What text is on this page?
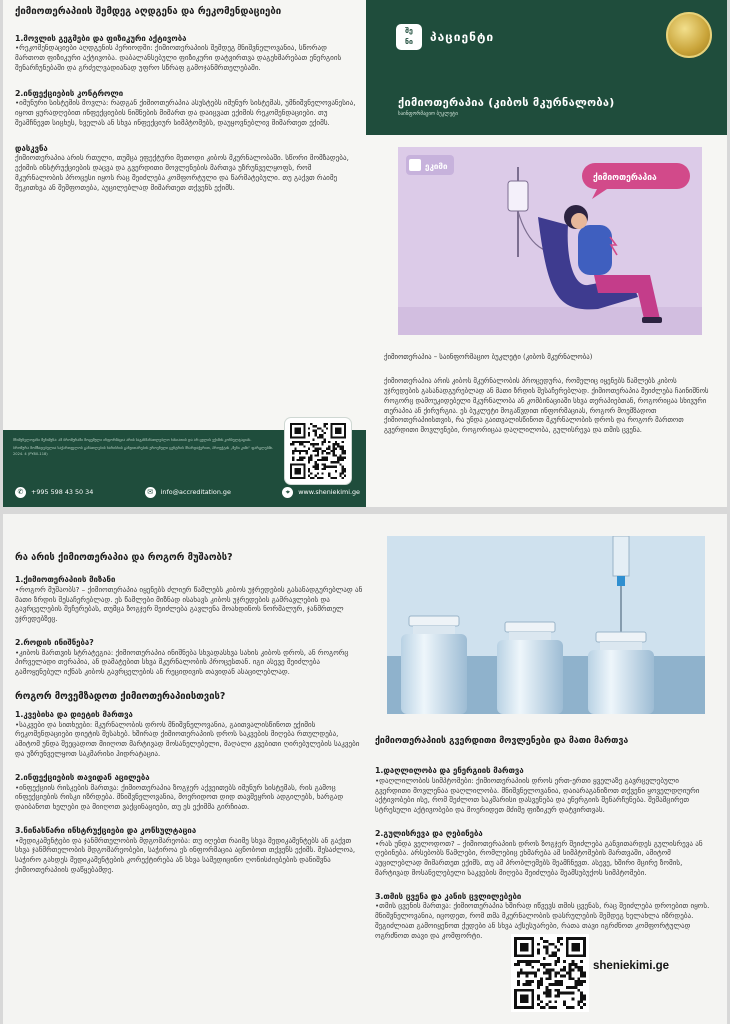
ქიმიოთერაპიის შემდეგ აღდგენა და რეკომენდაციები
1.მოვლის გეგმები და ფიზიკური აქტივობა
•რეკომენდაციები აღდგენის პერიოდში: ქიმიოთერაპიის შემდეგ მნიშვნელოვანია, სწორად მართოთ ფიზიკური აქტივობა. დაბალანსებული ფიზიკური დატვირთვა დაგეხმარებათ ენერგიის შენარჩუნებაში და გრძელვადიანად უფრო სწრაფ გამოჯანმრთელებაში.
2.ინფექციების კონტროლი
•იმუნური სისტემის მოვლა: რადგან ქიმიოთერაპია ასუსტებს იმუნურ სისტემას, უმნიშვნელოვანესია, იყოთ ყურადღებით ინფექციების ნიშნების მიმართ და დაიცვათ ექიმის რეკომენდაციები. თუ შეამჩნევთ სიცხეს, ხველას ან სხვა ინფექციურ სიმპტომებს, დაუყოვნებლივ მიმართეთ ექიმს.
დასკვნა
ქიმიოთერაპია არის რთული, თუმცა ეფექტური მეთოდი კიბოს მკურნალობაში. სწორი მომზადება, ექიმის ინსტრუქციების დაცვა და გვერდითი მოვლენების მართვა უზრუნველყოფს, რომ მკურნალობის პროცესი იყოს რაც შეიძლება კომფორტული და წარმატებული. თუ გაქვთ რაიმე შეკითხვა ან შეშფოთება, აუცილებლად მიმართეთ თქვენს ექიმს.

მნიშვნელოვანი შენიშვნა: ამ ბროშურაში მოცემული ინფორმაცია არის საგანმანათლებლო ხასიათის და არ ცვლის ექიმის კონსულტაციას.

ბროშურა მომზადებულია საქართველოს განათლების ხარისხის განვითარების ეროვნული ცენტრის მხარდაჭერით, პროექტის „შენი კიმი“ ფარგლებში. 2024. 4 (PY80-118)

✆	+995 598 43 50 34	✉	info@accreditation.ge	⌖	www.sheniekimi.ge
შე
ნი	პაციენტი
ქიმიოთერაპია (კიბოს მკურნალობა)
საინფორმაციო ბუკლეტი
ეკიმი
ქიმიოთერაპია
ქიმიოთერაპია – საინფორმაციო ბუკლეტი (კიბოს მკურნალობა)
ქიმიოთერაპია არის კიბოს მკურნალობის პროცედურა, რომელიც იყენებს წამლებს კიბოს უჯრედების გასანადგურებლად ან მათი ზრდის შესაჩერებლად. ქიმიოთერაპია შეიძლება ჩაინიშნოს როგორც დამოუკიდებელი მკურნალობა ან კომბინაციაში სხვა თერაპიებთან, როგორიცაა სხივური თერაპია ან ქირურგია. ეს ბუკლეტი მოგაწვდით ინფორმაციას, როგორ მოემზადოთ ქიმიოთერაპიისთვის, რა უნდა გაითვალისწინოთ მკურნალობის დროს და როგორ მართოთ გვერდითი მოვლენები, როგორიცაა დაღლილობა, გულისრევა და თმის ცვენა.
რა არის ქიმიოთერაპია და როგორ მუშაობს?
1.ქიმიოთერაპიის მიზანი
•როგორ მუშაობს? – ქიმიოთერაპია იყენებს ძლიერ წამლებს კიბოს უჯრედების გასანადგურებლად ან მათი ზრდის შესაჩერებლად. ეს წამლები მიზნად ისახავს კიბოს უჯრედების გამრავლების და გავრცელების შეჩერებას, თუმცა ზოგჯერ შეიძლება გავლენა მოახდინოს ნორმალურ, ჯანმრთელ უჯრედებზეც.
2.როდის ინიშნება?
•კიბოს მართვის სტრატეგია: ქიმიოთერაპია ინიშნება სხვადასხვა სახის კიბოს დროს, ან როგორც პირველადი თერაპია, ან დამატებით სხვა მკურნალობის პროცესთან. იგი ასევე შეიძლება გამოყენებულ იქნას კიბოს გავრცელების ან რეციდივის თავიდან ასაცილებლად.
როგორ მოვემზადოთ ქიმიოთერაპიისთვის?
1.კვებისა და დიეტის მართვა
•საკვები და სითხეები: მკურნალობის დროს მნიშვნელოვანია, გაითვალისწინოთ ექიმის რეკომენდაციები დიეტის შესახებ. ხშირად ქიმიოთერაპიის დროს საკვების მიღება რთულდება, ამიტომ უნდა შეეცადოთ მიიღოთ მარტივად მოსანელებელი, მაღალი კვებითი ღირებულების საკვები და უზრუნველყოთ საკმარისი ჰიდრატაცია.
2.ინფექციების თავიდან აცილება
•ინფექციის რისკების მართვა: ქიმიოთერაპია ზოგჯერ აქვეითებს იმუნურ სისტემას, რის გამოც ინფექციების რისკი იზრდება. მნიშვნელოვანია, მოერიდოთ დიდ თავშეყრის ადგილებს, ხარგად დაიბანოთ ხელები და მიიღოთ ვაქცინაციები, თუ ეს ექიმმა გირჩიათ.
3.ნინასწარი ინსტრუქციები და კონსულტაცია
•მედიკამენტები და ჯანმრთელობის მდგომარეობა: თუ იღებთ რაიმე სხვა მედიკამენტებს ან გაქვთ სხვა ჯანმრთელობის მდგომარეობები, საჭიროა ეს ინფორმაცია აცნობოთ თქვენს ექიმს. შესაძლოა, საჭირო გახდეს მედიკამენტების კორექტირება ან სხვა სამედიცინო ღონისძიებების დანიშვნა ქიმიოთერაპიის დაწყებამდე.
ქიმიოთერაპიის გვერდითი მოვლენები და მათი მართვა
1.დაღლილობა და ენერგიის მართვა
•დაღლილობის სიმპტომები: ქიმიოთერაპიის დროს ერთ-ერთი ყველაზე გავრცელებული გვერდითი მოვლენაა დაღლილობა. მნიშვნელოვანია, დაიარაგანიზოთ თქვენი ყოველდღიური აქტივობები ისე, რომ შეძლოთ საკმარისი დასვენება და ენერგიის შენარჩუნება. შემამცირეთ სტრესული აქტივობები და მოერიდეთ მძიმე ფიზიკურ დატვირთვას.
2.გულისრევა და ღებინება
•რას უნდა ველოდოთ? – ქიმიოთერაპიის დროს ზოგჯერ შეიძლება განვითარდეს გულისრევა ან ღებინება. არსებობს წამლები, რომლებიც ეხმარება ამ სიმპტომების მართვაში, ამიტომ აუცილებლად მიმართეთ ექიმს, თუ ამ პრობლემებს შეამჩნევთ. ასევე, ხშირი მცირე ზომის, მარტივად მოსანელებელი საკვების მიღება შეიძლება შეამსუბუქოს სიმპტომები.
3.თმის ცვენა და კანის ცვლილებები
•თმის ცვენის მართვა: ქიმიოთერაპია ხშირად იწვევს თმის ცვენას, რაც შეიძლება დროებით იყოს. მნიშვნელოვანია, იცოდეთ, რომ თმა მკურნალობის დასრულების შემდეგ ხელახლა იზრდება. შეგიძლიათ გამოიყენოთ ქუდები ან სხვა აქსესუარები, რათა თავი იგრძნოთ კომფორტულად ოგრძნოთ თავი და კომფორტი.
sheniekimi.ge
